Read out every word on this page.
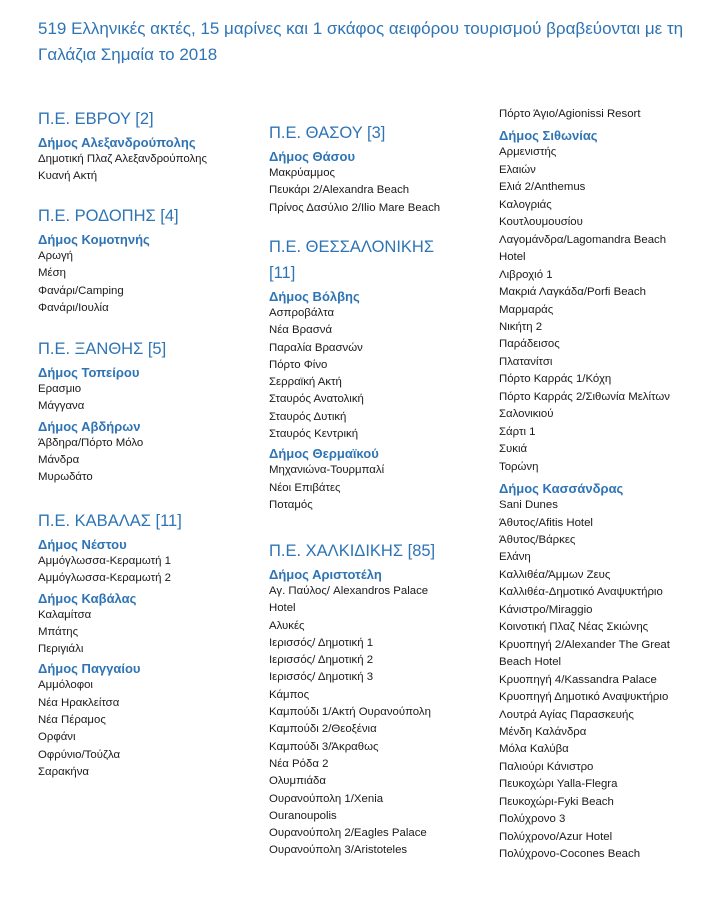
519 Ελληνικές ακτές, 15 μαρίνες και 1 σκάφος αειφόρου τουρισμού βραβεύονται με τη Γαλάζια Σημαία το 2018
Π.Ε. ΕΒΡΟΥ [2]
Δήμος Αλεξανδρούπολης
Δημοτική Πλαζ Αλεξανδρούπολης
Κυανή Ακτή
Π.Ε. ΡΟΔΟΠΗΣ [4]
Δήμος Κομοτηνής
Αρωγή
Μέση
Φανάρι/Camping
Φανάρι/Ιουλία
Π.Ε. ΞΑΝΘΗΣ [5]
Δήμος Τοπείρου
Ερασμιο
Μάγγανα
Δήμος Αβδήρων
Άβδηρα/Πόρτο Μόλο
Μάνδρα
Μυρωδάτο
Π.Ε. ΚΑΒΑΛΑΣ [11]
Δήμος Νέστου
Αμμόγλωσσα-Κεραμωτή 1
Αμμόγλωσσα-Κεραμωτή 2
Δήμος Καβάλας
Καλαμίτσα
Μπάτης
Περιγιάλι
Δήμος Παγγαίου
Αμμόλοφοι
Νέα Ηρακλείτσα
Νέα Πέραμος
Ορφάνι
Οφρύνιο/Τούζλα
Σαρακήνα
Π.Ε. ΘΑΣΟΥ [3]
Δήμος Θάσου
Μακρύαμμος
Πευκάρι 2/Alexandra Beach
Πρίνος Δασύλιο 2/Ilio Mare Beach
Π.Ε. ΘΕΣΣΑΛΟΝΙΚΗΣ
[11]
Δήμος Βόλβης
Ασπροβάλτα
Νέα Βρασνά
Παραλία Βρασνών
Πόρτο Φίνο
Σερραϊκή Ακτή
Σταυρός Ανατολική
Σταυρός Δυτική
Σταυρός Κεντρική
Δήμος Θερμαϊκού
Μηχανιώνα-Τουρμπαλί
Νέοι Επιβάτες
Ποταμός
Π.Ε. ΧΑΛΚΙΔΙΚΗΣ [85]
Δήμος Αριστοτέλη
Αγ. Παύλος/ Alexandros Palace
Hotel
Αλυκές
Ιερισσός/ Δημοτική 1
Ιερισσός/ Δημοτική 2
Ιερισσός/ Δημοτική 3
Κάμπος
Καμπούδι 1/Ακτή Ουρανούπολη
Καμπούδι 2/Θεοξένια
Καμπούδι 3/Άκραθως
Νέα Ρόδα 2
Ολυμπιάδα
Ουρανούπολη 1/Xenia
Ouranoupolis
Ουρανούπολη 2/Eagles Palace
Ουρανούπολη 3/Aristoteles
Πόρτο Άγιο/Agionissi Resort
Δήμος Σιθωνίας
Αρμενιστής
Ελαιών
Ελιά 2/Anthemus
Καλογριάς
Κουτλουμουσίου
Λαγομάνδρα/Lagomandra Beach
Hotel
Λιβροχιό 1
Μακριά Λαγκάδα/Porfi Beach
Μαρμαράς
Νικήτη 2
Παράδεισος
Πλατανίτσι
Πόρτο Καρράς 1/Κόχη
Πόρτο Καρράς 2/Σιθωνία Μελίτων
Σαλονικιού
Σάρτι 1
Συκιά
Τορώνη
Δήμος Κασσάνδρας
Sani Dunes
Άθυτος/Afitis Hotel
Άθυτος/Βάρκες
Ελάνη
Καλλιθέα/Άμμων Ζευς
Καλλιθέα-Δημοτικό Αναψυκτήριο
Κάνιστρο/Miraggio
Κοινοτική Πλαζ Νέας Σκιώνης
Κρυοπηγή 2/Alexander The Great
Beach Hotel
Κρυοπηγή 4/Kassandra Palace
Κρυοπηγή Δημοτικό Αναψυκτήριο
Λουτρά Αγίας Παρασκευής
Μένδη Καλάνδρα
Μόλα Καλύβα
Παλιούρι Κάνιστρο
Πευκοχώρι Yalla-Flegra
Πευκοχώρι-Fyki Beach
Πολύχρονο 3
Πολύχρονο/Azur Hotel
Πολύχρονο-Cocones Beach
